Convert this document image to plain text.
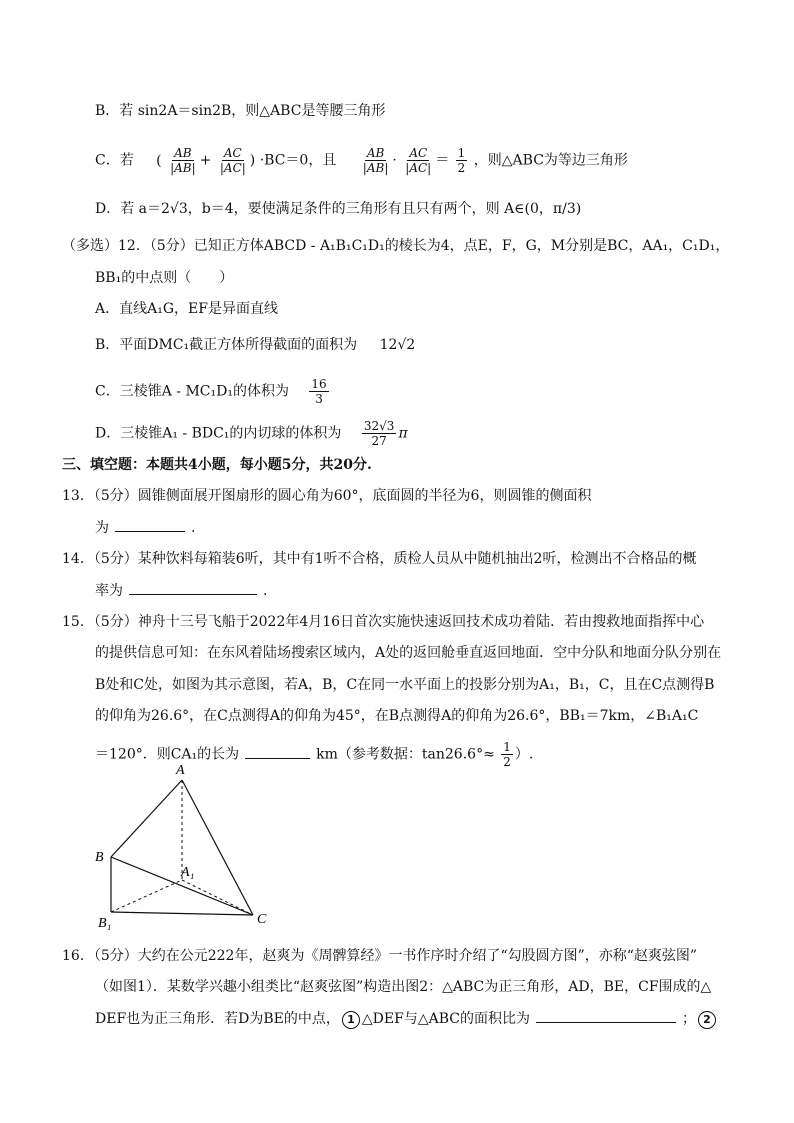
B．若 sin2A＝sin2B，则△ABC是等腰三角形
C．若 ( $\frac{AB}{|AB|} + \frac{AC}{|AC|}$ ) ·BC＝0，且 $\frac{AB}{|AB|} \cdot \frac{AC}{|AC|} = \frac{1}{2}$ ，则△ABC为等边三角形
D．若 a＝2√3，b＝4，要使满足条件的三角形有且只有两个，则 A∈(0，π/3)
（多选）12．（5分）已知正方体ABCD - A₁B₁C₁D₁的棱长为4，点E，F，G，M分别是BC，AA₁，C₁D₁，
BB₁的中点则（　　）
A．直线A₁G，EF是异面直线
B．平面DMC₁截正方体所得截面的面积为 12√2
C．三棱锥A - MC₁D₁的体积为 $\frac{16}{3}$
D．三棱锥A₁ - BDC₁的内切球的体积为 $\frac{32√3}{27}$ π
三、填空题：本题共4小题，每小题5分，共20分.
13．（5分）圆锥侧面展开图扇形的圆心角为60°，底面圆的半径为6，则圆锥的侧面积
为	.
14．（5分）某种饮料每箱装6听，其中有1听不合格，质检人员从中随机抽出2听，检测出不合格品的概
率为	.
15．（5分）神舟十三号飞船于2022年4月16日首次实施快速返回技术成功着陆．若由搜救地面指挥中心
的提供信息可知：在东风着陆场搜索区域内，A处的返回舱垂直返回地面．空中分队和地面分队分别在
B处和C处，如图为其示意图，若A，B，C在同一水平面上的投影分别为A₁，B₁，C，且在C点测得B
的仰角为26.6°，在C点测得A的仰角为45°，在B点测得A的仰角为26.6°，BB₁＝7km，∠B₁A₁C
＝120°．则CA₁的长为	km（参考数据：$\tan 26.6^\circ\approx \frac{1}{2}$ ）.
A
B
A₁
B₁	C
16．（5分）大约在公元222年，赵爽为《周髀算经》一书作序时介绍了“勾股圆方图”，亦称“赵爽弦图”
（如图1）．某数学兴趣小组类比“赵爽弦图”构造出图2：△ABC为正三角形，AD，BE，CF围成的△
DEF也为正三角形．若D为BE的中点， 1 △DEF与△ABC的面积比为	； 2
